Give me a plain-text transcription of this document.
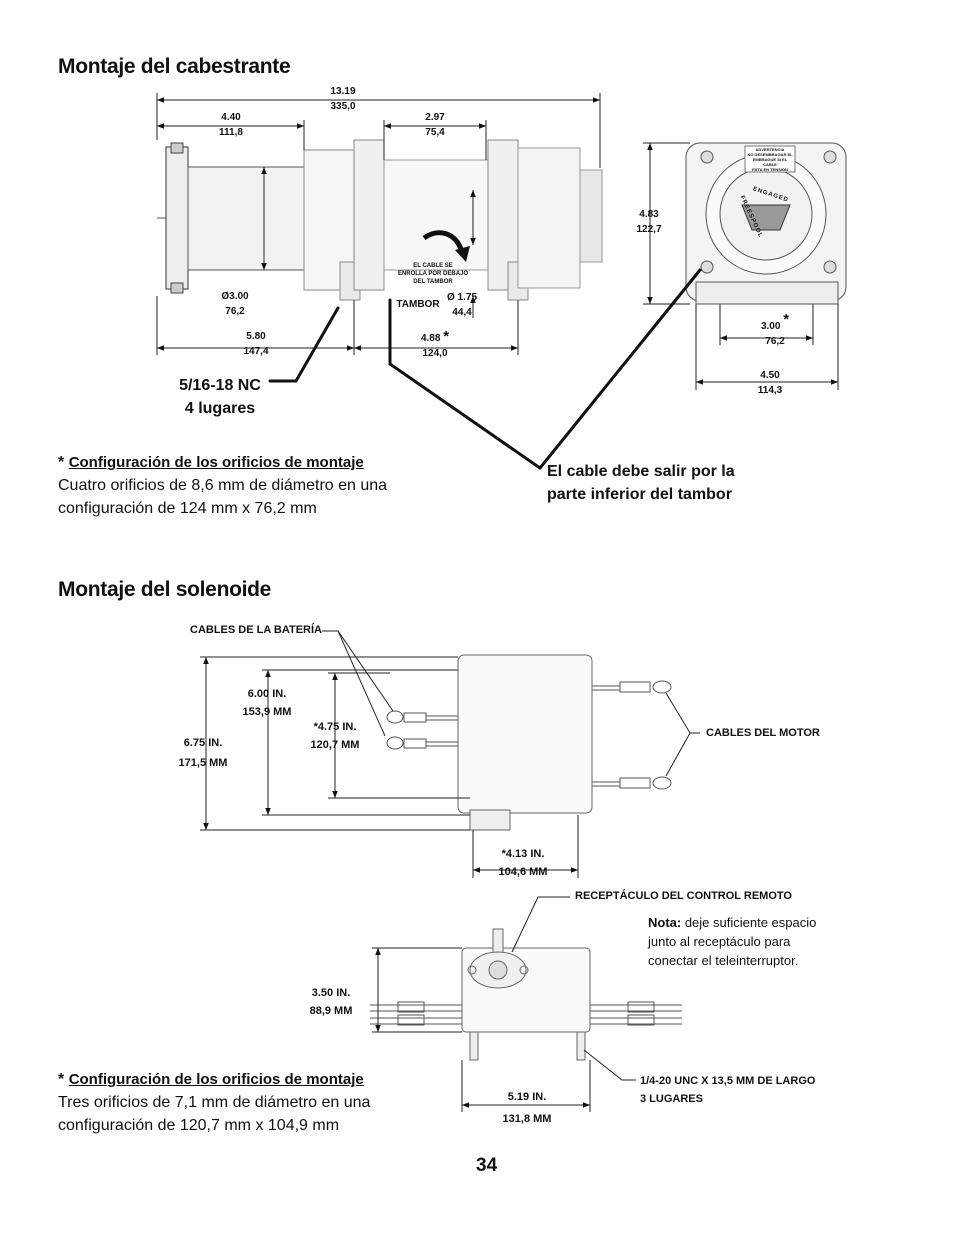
Montaje del cabestrante
13.19
335,0
4.40
111,8
2.97
75,4
Ø3.00
76,2
5.80
147,4
4.88 *
124,0
4.83
122,7
3.00 *
76,2
4.50
114,3
TAMBOR
Ø 1.75
44,4
EL CABLE SE
ENROLLA POR DEBAJO
DEL TAMBOR
ADVERTENCIA
NO DESEMBRAGAR EL
EMBRAGUE SI EL CABLE
ESTA EN TENSION
ENGAGED
FREESPOOL
5/16-18 NC
4 lugares
El cable debe salir por la
parte inferior del tambor
* Configuración de los orificios de montaje
Cuatro orificios de 8,6 mm de diámetro en una
configuración de 124 mm x 76,2 mm
Montaje del solenoide
CABLES DE LA BATERÍA
CABLES DEL MOTOR
6.00 IN.
153,9 MM
*4.75 IN.
120,7 MM
6.75 IN.
171,5 MM
*4.13 IN.
104,6 MM
RECEPTÁCULO DEL CONTROL REMOTO
Nota: deje suficiente espacio
junto al receptáculo para
conectar el teleinterruptor.
3.50 IN.
88,9 MM
5.19 IN.
131,8 MM
1/4-20 UNC X 13,5 MM DE LARGO
3 LUGARES
* Configuración de los orificios de montaje
Tres orificios de 7,1 mm de diámetro en una
configuración de 120,7 mm x 104,9 mm
34
